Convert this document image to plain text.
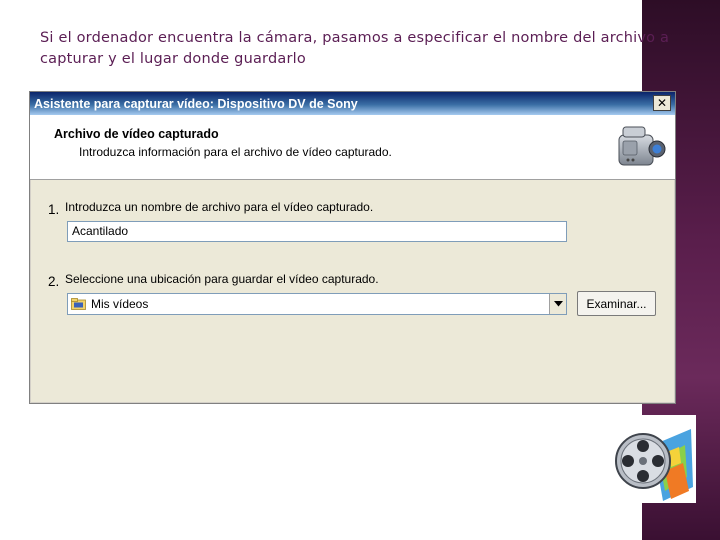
Si el ordenador encuentra la cámara, pasamos a especificar el nombre del archivo a capturar y el lugar donde guardarlo
Asistente para capturar vídeo: Dispositivo DV de Sony	✕
Archivo de vídeo capturado
Introduzca información para el archivo de vídeo capturado.
1. Introduzca un nombre de archivo para el vídeo capturado.
Acantilado
2. Seleccione una ubicación para guardar el vídeo capturado.
Mis vídeos	Examinar...
